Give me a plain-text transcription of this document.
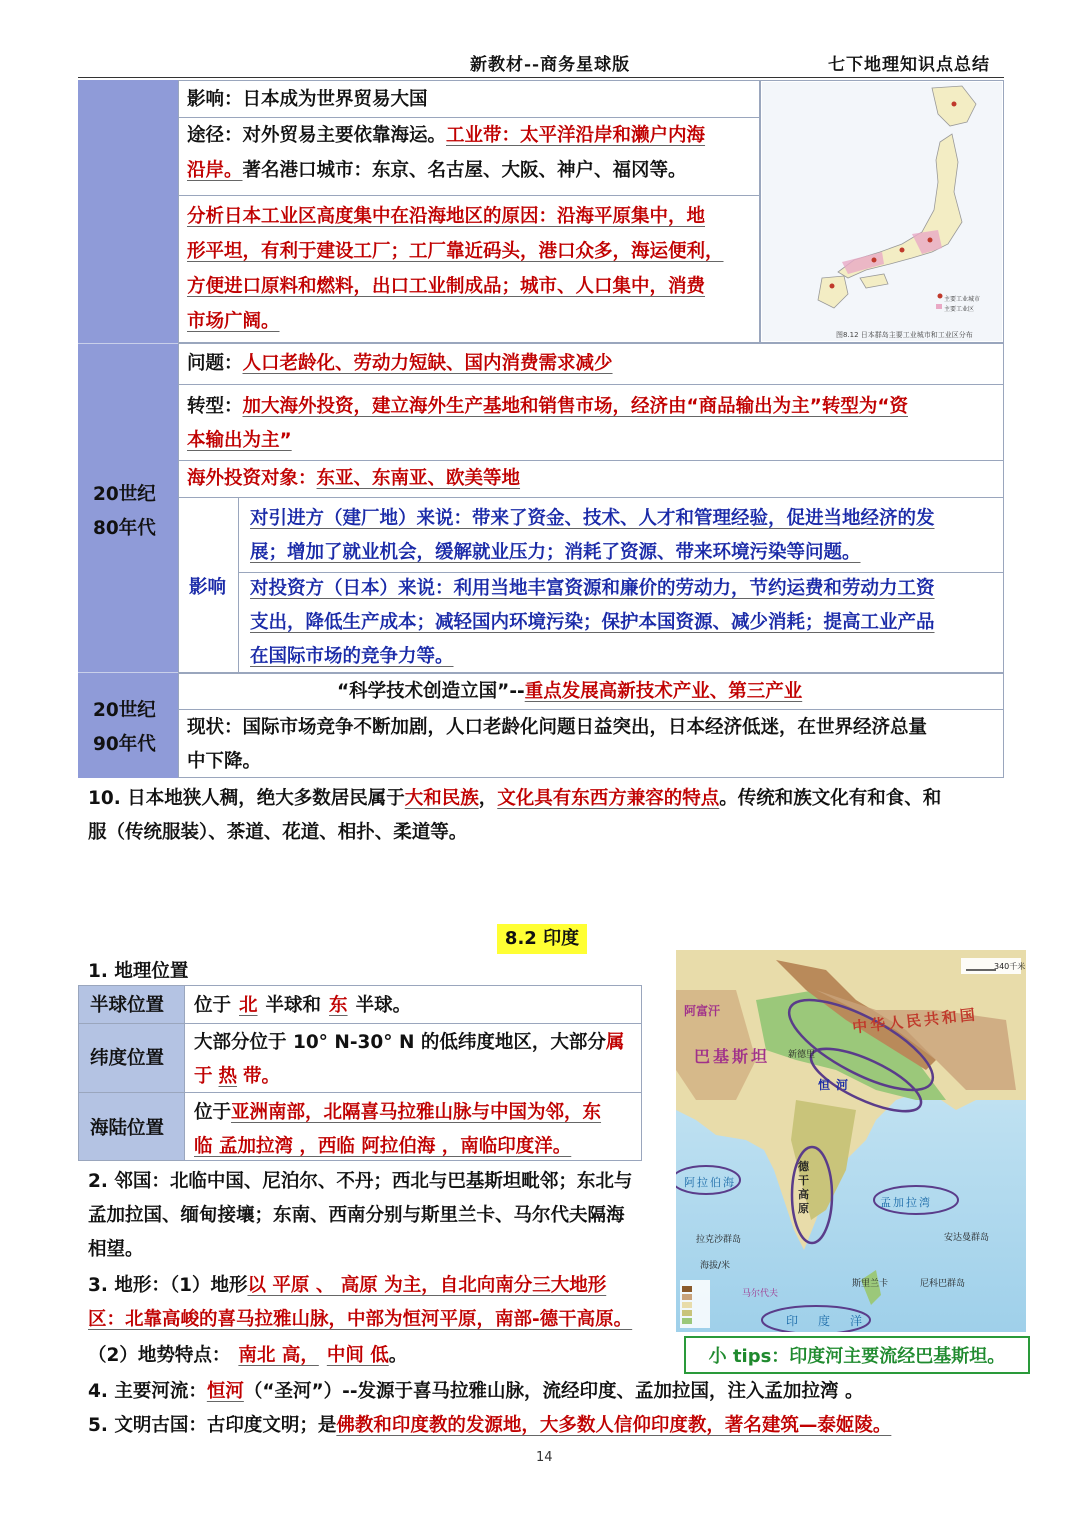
新教材--商务星球版	七下地理知识点总结
20世纪
80年代
20世纪
90年代
影响：日本成为世界贸易大国
途径：对外贸易主要依靠海运。工业带：太平洋沿岸和濑户内海
沿岸。著名港口城市：东京、名古屋、大阪、神户、福冈等。
分析日本工业区高度集中在沿海地区的原因：沿海平原集中，地
形平坦，有利于建设工厂；工厂靠近码头，港口众多，海运便利，
方便进口原料和燃料，出口工业制成品；城市、人口集中，消费
市场广阔。
主要工业城市
主要工业区
图8.12 日本群岛主要工业城市和工业区分布
问题：人口老龄化、劳动力短缺、国内消费需求减少
转型：加大海外投资，建立海外生产基地和销售市场，经济由“商品输出为主”转型为“资
本输出为主”
海外投资对象：东亚、东南亚、欧美等地
影响
对引进方（建厂地）来说：带来了资金、技术、人才和管理经验，促进当地经济的发
展；增加了就业机会，缓解就业压力；消耗了资源、带来环境污染等问题。
对投资方（日本）来说：利用当地丰富资源和廉价的劳动力，节约运费和劳动力工资
支出，降低生产成本；减轻国内环境污染；保护本国资源、减少消耗；提高工业产品
在国际市场的竞争力等。
“科学技术创造立国”--重点发展高新技术产业、第三产业
现状：国际市场竞争不断加剧，人口老龄化问题日益突出，日本经济低迷，在世界经济总量
中下降。
10. 日本地狭人稠，绝大多数居民属于大和民族，文化具有东西方兼容的特点。传统和族文化有和食、和
服（传统服装）、茶道、花道、相扑、柔道等。
8.2 印度
1. 地理位置
半球位置 位于 北 半球和 东 半球。
纬度位置
大部分位于 10° N-30° N 的低纬度地区，大部分属
于 热 带。
海陆位置
位于亚洲南部，北隔喜马拉雅山脉与中国为邻，东
临 孟加拉湾 ，西临 阿拉伯海 ，南临印度洋。
2. 邻国：北临中国、尼泊尔、不丹；西北与巴基斯坦毗邻；东北与
孟加拉国、缅甸接壤；东南、西南分别与斯里兰卡、马尔代夫隔海
相望。
3. 地形：（1）地形以 平原 、 高原 为主，自北向南分三大地形
区：北靠高峻的喜马拉雅山脉，中部为恒河平原，南部-德干高原。
（2）地势特点： 南北 高， 中间 低。	小 tips：印度河主要流经巴基斯坦。
4. 主要河流：恒河（“圣河”）--发源于喜马拉雅山脉，流经印度、孟加拉国，注入孟加拉湾 。
5. 文明古国：古印度文明；是佛教和印度教的发源地，大多数人信仰印度教，著名建筑—泰姬陵。
阿富汗
巴基斯坦
中华人民共和国
新德里
恒河
德干高原
阿拉伯海
孟加拉湾
印度洋
安达曼群岛
斯里兰卡
拉克沙群岛
尼科巴群岛
马尔代夫
340千米
海拔/米
14
